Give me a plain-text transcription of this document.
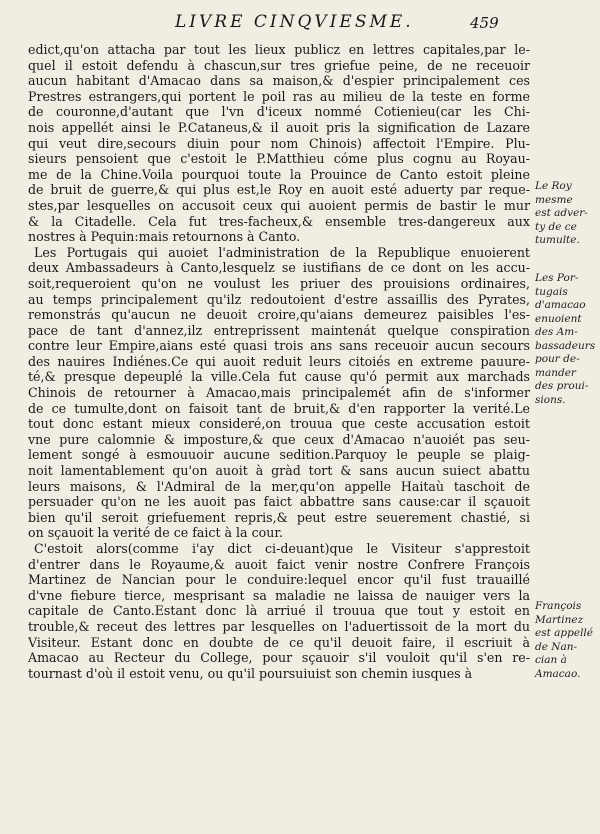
LIVRE CINQVIESME.	459
edict,qu'on attacha par tout les lieux publicz en lettres capitales,par le-
quel il estoit defendu à chascun,sur tres griefue peine, de ne receuoir
aucun habitant d'Amacao dans sa maison,& d'espier principalement ces
Prestres estrangers,qui portent le poil ras au milieu de la teste en forme
de couronne,d'autant que l'vn d'iceux nommé Cotienieu(car les Chi-
nois appellét ainsi le P.Cataneus,& il auoit pris la signification de Lazare
qui veut dire,secours diuin pour nom Chinois) affectoit l'Empire. Plu-
sieurs pensoient que c'estoit le P.Matthieu cóme plus cognu au Royau-
me de la Chine.Voila pourquoi toute la Prouince de Canto estoit pleine
de bruit de guerre,& qui plus est,le Roy en auoit esté aduerty par reque-
stes,par lesquelles on accusoit ceux qui auoient permis de bastir le mur
& la Citadelle. Cela fut tres-facheux,& ensemble tres-dangereux aux
nostres à Pequin:mais retournons à Canto.
Les Portugais qui auoiet l'administration de la Republique enuoierent
deux Ambassadeurs à Canto,lesquelz se iustifians de ce dont on les accu-
soit,requeroient qu'on ne voulust les priuer des prouisions ordinaires,
au temps principalement qu'ilz redoutoient d'estre assaillis des Pyrates,
remonstrás qu'aucun ne deuoit croire,qu'aians demeurez paisibles l'es-
pace de tant d'annez,ilz entreprissent maintenát quelque conspiration
contre leur Empire,aians esté quasi trois ans sans receuoir aucun secours
des nauires Indiénes.Ce qui auoit reduit leurs citoiés en extreme pauure-
té,& presque depeuplé la ville.Cela fut cause qu'ó permit aux marchads
Chinois de retourner à Amacao,mais principalemét afin de s'informer
de ce tumulte,dont on faisoit tant de bruit,& d'en rapporter la verité.Le
tout donc estant mieux consideré,on trouua que ceste accusation estoit
vne pure calomnie & imposture,& que ceux d'Amacao n'auoiét pas seu-
lement songé à esmouuoir aucune sedition.Parquoy le peuple se plaig-
noit lamentablement qu'on auoit à gràd tort & sans aucun suiect abattu
leurs maisons, & l'Admiral de la mer,qu'on appelle Haitaù taschoit de
persuader qu'on ne les auoit pas faict abbattre sans cause:car il sçauoit
bien qu'il seroit griefuement repris,& peut estre seuerement chastié, si
on sçauoit la verité de ce faict à la cour.
C'estoit alors(comme i'ay dict ci-deuant)que le Visiteur s'apprestoit
d'entrer dans le Royaume,& auoit faict venir nostre Confrere François
Martinez de Nancian pour le conduire:lequel encor qu'il fust trauaillé
d'vne fiebure tierce, mesprisant sa maladie ne laissa de nauiger vers la
capitale de Canto.Estant donc là arriué il trouua que tout y estoit en
trouble,& receut des lettres par lesquelles on l'aduertissoit de la mort du
Visiteur. Estant donc en doubte de ce qu'il deuoit faire, il escriuit à
Amacao au Recteur du College, pour sçauoir s'il vouloit qu'il s'en re-
tournast d'où il estoit venu, ou qu'il poursuiuist son chemin iusques à
Le Roy
mesme
est adver-
ty de ce
tumulte.
Les Por-
tugais
d'amacao
enuoient
des Am-
bassadeurs
pour de-
mander
des proui-
sions.
François
Martinez
est appellé
de Nan-
cian à
Amacao.
